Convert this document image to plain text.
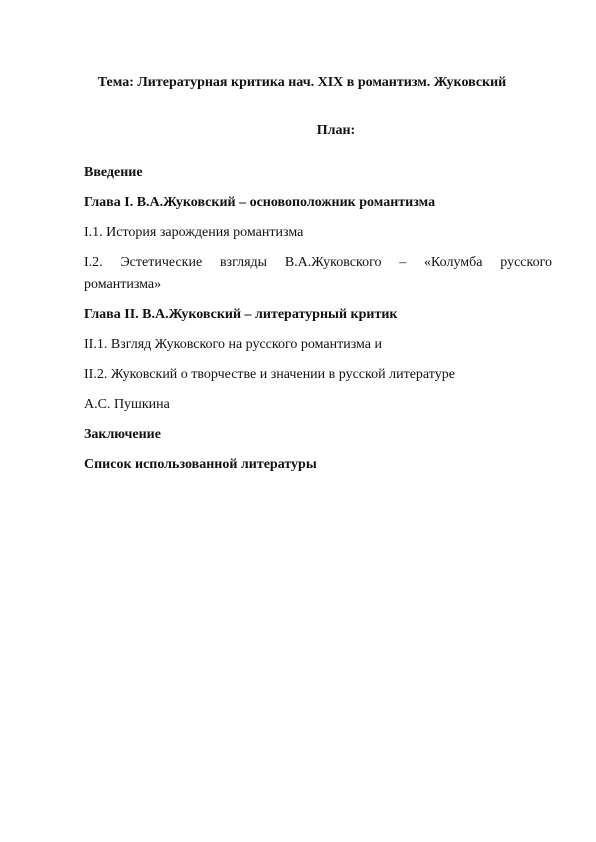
Тема: Литературная критика нач. XIX в романтизм. Жуковский
План:
Введение
Глава I. В.А.Жуковский – основоположник романтизма
I.1. История зарождения романтизма
I.2. Эстетические взгляды В.А.Жуковского – «Колумба русского
романтизма»
Глава II. В.А.Жуковский – литературный критик
II.1. Взгляд Жуковского на русского романтизма и
II.2. Жуковский о творчестве и значении в русской литературе
А.С. Пушкина
Заключение
Список использованной литературы
